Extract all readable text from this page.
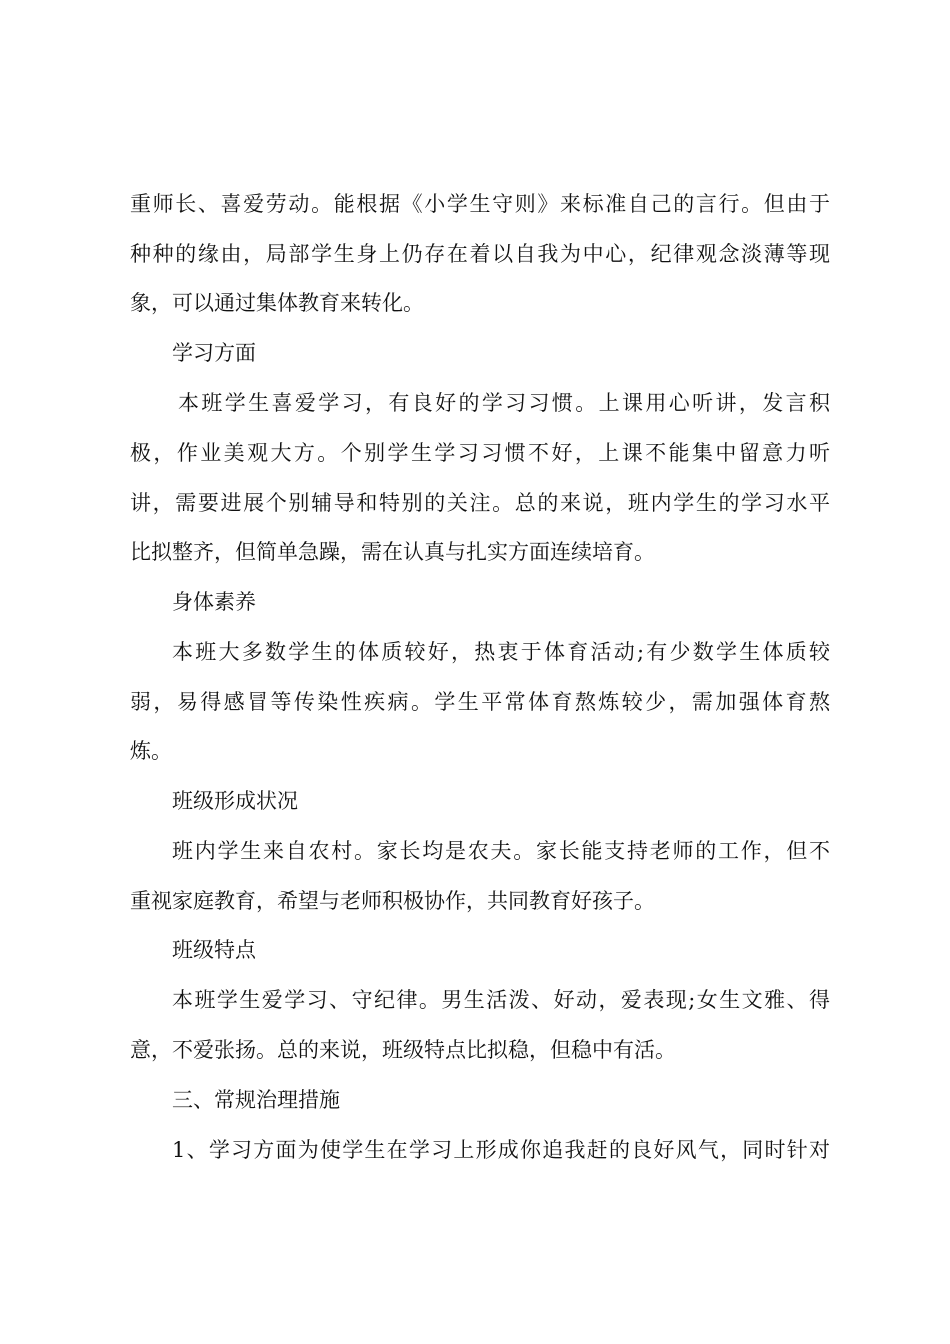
重师长、喜爱劳动。能根据《小学生守则》来标准自己的言行。但由于
种种的缘由，局部学生身上仍存在着以自我为中心，纪律观念淡薄等现
象，可以通过集体教育来转化。
学习方面
本班学生喜爱学习，有良好的学习习惯。上课用心听讲，发言积
极，作业美观大方。个别学生学习习惯不好，上课不能集中留意力听
讲，需要进展个别辅导和特别的关注。总的来说，班内学生的学习水平
比拟整齐，但简单急躁，需在认真与扎实方面连续培育。
身体素养
本班大多数学生的体质较好，热衷于体育活动;有少数学生体质较
弱，易得感冒等传染性疾病。学生平常体育熬炼较少，需加强体育熬
炼。
班级形成状况
班内学生来自农村。家长均是农夫。家长能支持老师的工作，但不
重视家庭教育，希望与老师积极协作，共同教育好孩子。
班级特点
本班学生爱学习、守纪律。男生活泼、好动，爱表现;女生文雅、得
意，不爱张扬。总的来说，班级特点比拟稳，但稳中有活。
三、常规治理措施
1、学习方面为使学生在学习上形成你追我赶的良好风气，同时针对
